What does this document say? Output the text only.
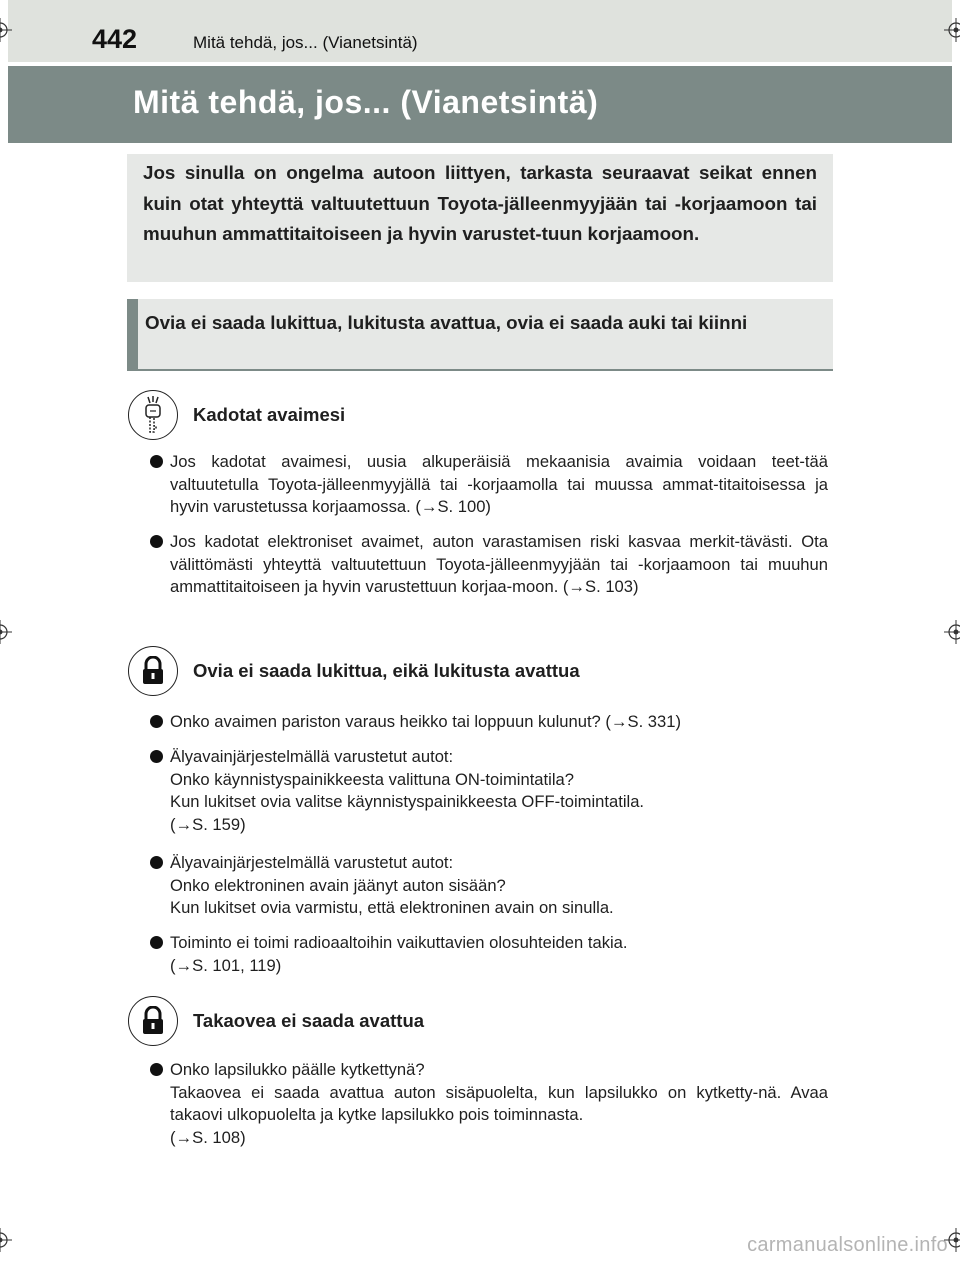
442	Mitä tehdä, jos... (Vianetsintä)
Mitä tehdä, jos... (Vianetsintä)
Jos sinulla on ongelma autoon liittyen, tarkasta seuraavat seikat ennen kuin otat yhteyttä valtuutettuun Toyota-jälleenmyyjään tai -korjaamoon tai muuhun ammattitaitoiseen ja hyvin varustet-tuun korjaamoon.
Ovia ei saada lukittua, lukitusta avattua, ovia ei saada auki tai kiinni
Kadotat avaimesi
Jos kadotat avaimesi, uusia alkuperäisiä mekaanisia avaimia voidaan teet-tää valtuutetulla Toyota-jälleenmyyjällä tai -korjaamolla tai muussa ammat-titaitoisessa ja hyvin varustetussa korjaamossa. (→S. 100)
Jos kadotat elektroniset avaimet, auton varastamisen riski kasvaa merkit-tävästi. Ota välittömästi yhteyttä valtuutettuun Toyota-jälleenmyyjään tai -korjaamoon tai muuhun ammattitaitoiseen ja hyvin varustettuun korjaa-moon. (→S. 103)
Ovia ei saada lukittua, eikä lukitusta avattua
Onko avaimen pariston varaus heikko tai loppuun kulunut? (→S. 331)
Älyavainjärjestelmällä varustetut autot:
Onko käynnistyspainikkeesta valittuna ON-toimintatila?
Kun lukitset ovia valitse käynnistyspainikkeesta OFF-toimintatila.
(→S. 159)
Älyavainjärjestelmällä varustetut autot:
Onko elektroninen avain jäänyt auton sisään?
Kun lukitset ovia varmistu, että elektroninen avain on sinulla.
Toiminto ei toimi radioaaltoihin vaikuttavien olosuhteiden takia.
(→S. 101, 119)
Takaovea ei saada avattua
Onko lapsilukko päälle kytkettynä?
Takaovea ei saada avattua auton sisäpuolelta, kun lapsilukko on kytketty-nä. Avaa takaovi ulkopuolelta ja kytke lapsilukko pois toiminnasta.
(→S. 108)
carmanualsonline.info
